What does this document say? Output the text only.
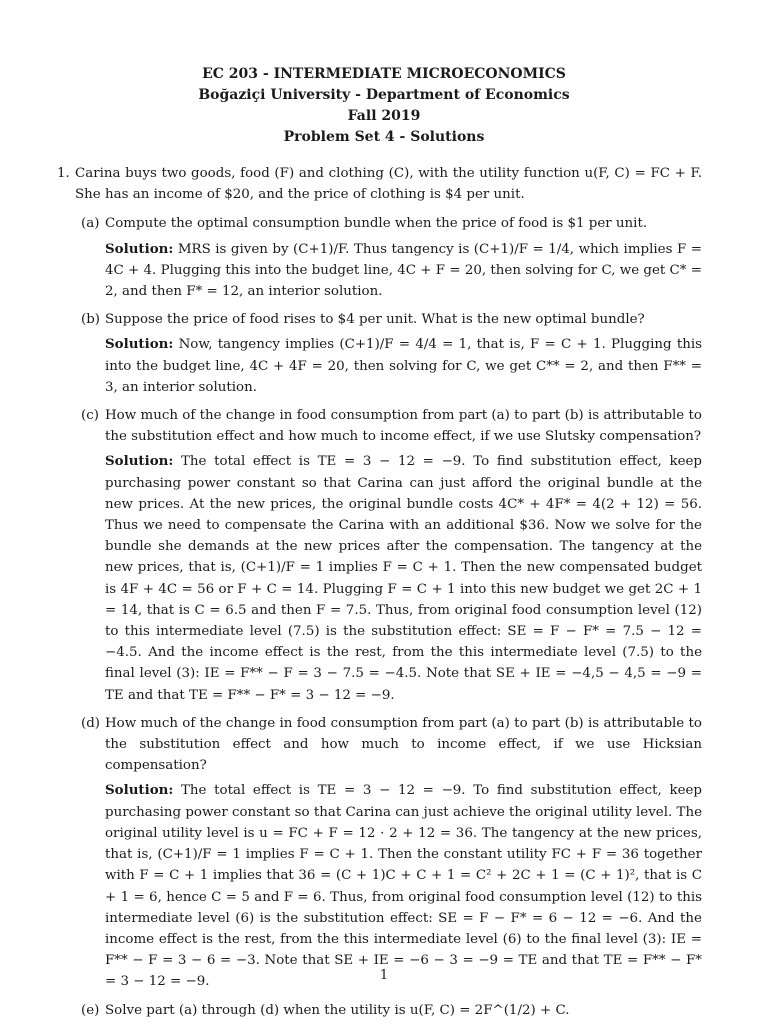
EC 203 - INTERMEDIATE MICROECONOMICS
Boğaziçi University - Department of Economics
Fall 2019
Problem Set 4 - Solutions
1. Carina buys two goods, food (F) and clothing (C), with the utility function u(F, C) = FC + F. She has an income of $20, and the price of clothing is $4 per unit.
(a) Compute the optimal consumption bundle when the price of food is $1 per unit.
Solution: MRS is given by (C+1)/F. Thus tangency is (C+1)/F = 1/4, which implies F = 4C + 4. Plugging this into the budget line, 4C + F = 20, then solving for C, we get C* = 2, and then F* = 12, an interior solution.
(b) Suppose the price of food rises to $4 per unit. What is the new optimal bundle?
Solution: Now, tangency implies (C+1)/F = 4/4 = 1, that is, F = C + 1. Plugging this into the budget line, 4C + 4F = 20, then solving for C, we get C** = 2, and then F** = 3, an interior solution.
(c) How much of the change in food consumption from part (a) to part (b) is attributable to the substitution effect and how much to income effect, if we use Slutsky compensation?
Solution: The total effect is TE = 3 − 12 = −9. To find substitution effect, keep purchasing power constant so that Carina can just afford the original bundle at the new prices. At the new prices, the original bundle costs 4C* + 4F* = 4(2 + 12) = 56. Thus we need to compensate the Carina with an additional $36. Now we solve for the bundle she demands at the new prices after the compensation. The tangency at the new prices, that is, (C+1)/F = 1 implies F = C + 1. Then the new compensated budget is 4F + 4C = 56 or F + C = 14. Plugging F = C + 1 into this new budget we get 2C + 1 = 14, that is C = 6.5 and then F = 7.5. Thus, from original food consumption level (12) to this intermediate level (7.5) is the substitution effect: SE = F − F* = 7.5 − 12 = −4.5. And the income effect is the rest, from the this intermediate level (7.5) to the final level (3): IE = F** − F = 3 − 7.5 = −4.5. Note that SE + IE = −4,5 − 4,5 = −9 = TE and that TE = F** − F* = 3 − 12 = −9.
(d) How much of the change in food consumption from part (a) to part (b) is attributable to the substitution effect and how much to income effect, if we use Hicksian compensation?
Solution: The total effect is TE = 3 − 12 = −9. To find substitution effect, keep purchasing power constant so that Carina can just achieve the original utility level. The original utility level is u = FC + F = 12 · 2 + 12 = 36. The tangency at the new prices, that is, (C+1)/F = 1 implies F = C + 1. Then the constant utility FC + F = 36 together with F = C + 1 implies that 36 = (C + 1)C + C + 1 = C² + 2C + 1 = (C + 1)², that is C + 1 = 6, hence C = 5 and F = 6. Thus, from original food consumption level (12) to this intermediate level (6) is the substitution effect: SE = F − F* = 6 − 12 = −6. And the income effect is the rest, from the this intermediate level (6) to the final level (3): IE = F** − F = 3 − 6 = −3. Note that SE + IE = −6 − 3 = −9 = TE and that TE = F** − F* = 3 − 12 = −9.
(e) Solve part (a) through (d) when the utility is u(F, C) = 2F^(1/2) + C.
1
